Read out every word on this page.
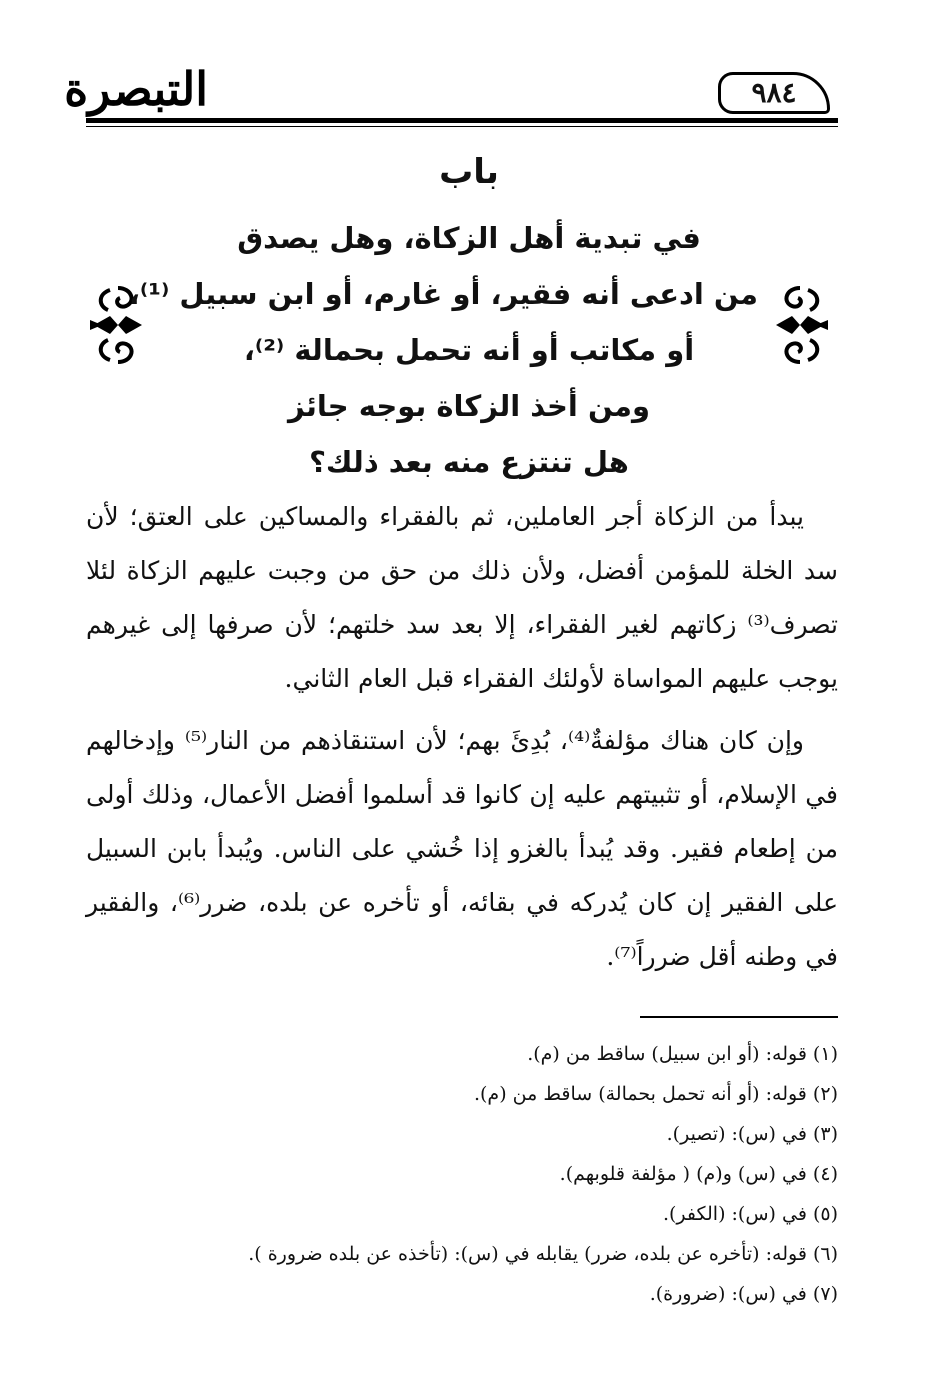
التبصرة	٩٨٤
باب
في تبدية أهل الزكاة، وهل يصدق
من ادعى أنه فقير، أو غارم، أو ابن سبيل ⁽¹⁾،
أو مكاتب أو أنه تحمل بحمالة ⁽²⁾،
ومن أخذ الزكاة بوجه جائز
هل تنتزع منه بعد ذلك؟

يبدأ من الزكاة أجر العاملين، ثم بالفقراء والمساكين على العتق؛ لأن سد الخلة للمؤمن أفضل، ولأن ذلك من حق من وجبت عليهم الزكاة لئلا تصرف⁽³⁾ زكاتهم لغير الفقراء، إلا بعد سد خلتهم؛ لأن صرفها إلى غيرهم يوجب عليهم المواساة لأولئك الفقراء قبل العام الثاني.

وإن كان هناك مؤلفةٌ⁽⁴⁾، بُدِئَ بهم؛ لأن استنقاذهم من النار⁽⁵⁾ وإدخالهم في الإسلام، أو تثبيتهم عليه إن كانوا قد أسلموا أفضل الأعمال، وذلك أولى من إطعام فقير. وقد يُبدأ بالغزو إذا خُشي على الناس. ويُبدأ بابن السبيل على الفقير إن كان يُدركه في بقائه، أو تأخره عن بلده، ضرر⁽⁶⁾، والفقير في وطنه أقل ضرراً⁽⁷⁾.

(١) قوله: (أو ابن سبيل) ساقط من (م).
(٢) قوله: (أو أنه تحمل بحمالة) ساقط من (م).
(٣) في (س): (تصير).
(٤) في (س) و(م) ( مؤلفة قلوبهم).
(٥) في (س): (الكفر).
(٦) قوله: (تأخره عن بلده، ضرر) يقابله في (س): (تأخذه عن بلده ضرورة ).
(٧) في (س): (ضرورة).
